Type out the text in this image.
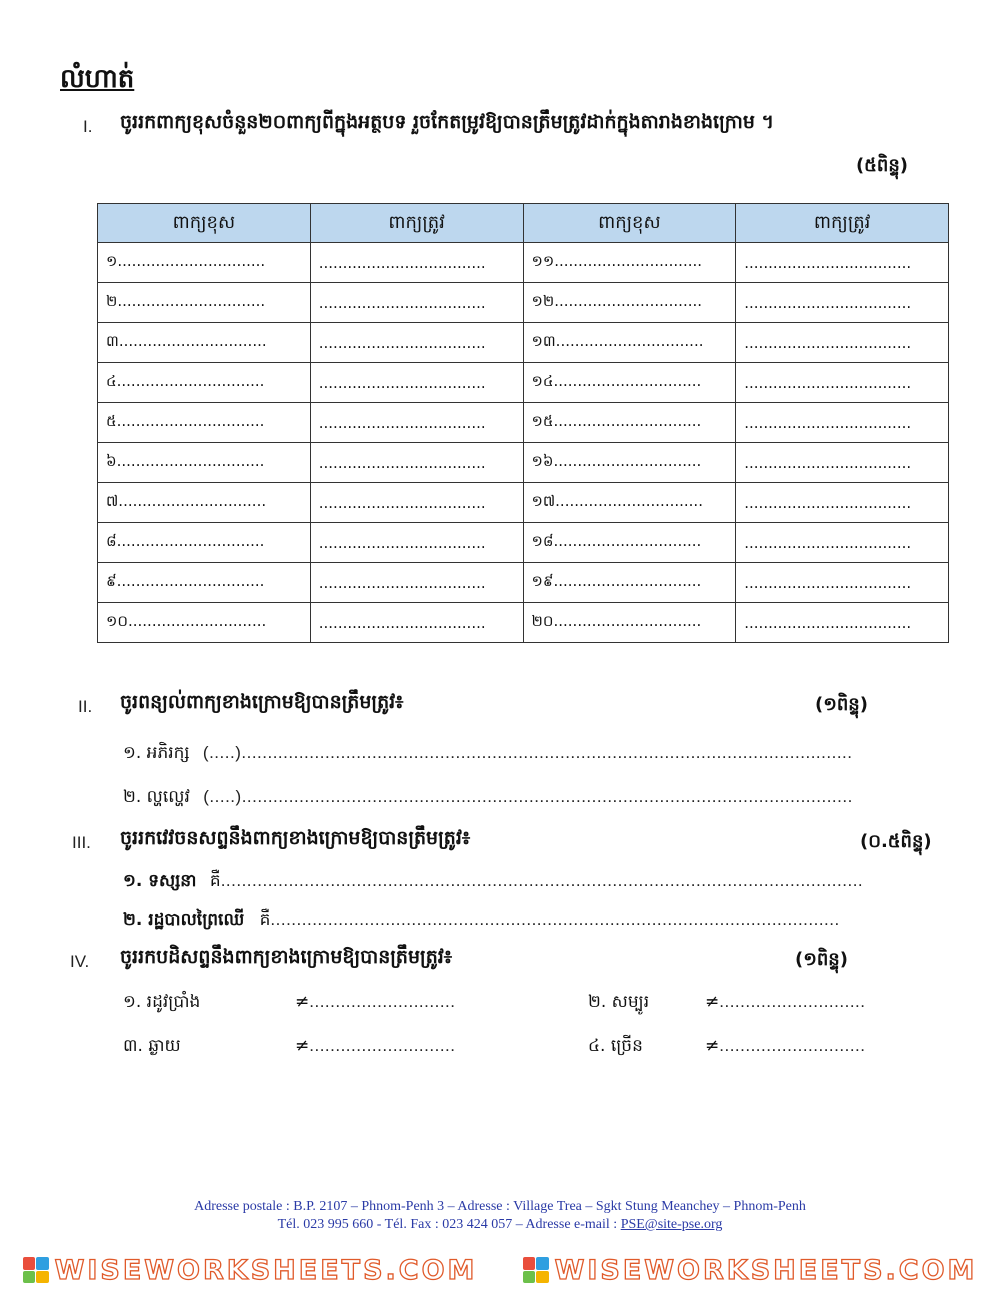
លំហាត់
I. ចូររកពាក្យខុសចំនួន២០ពាក្យពីក្នុងអត្ថបទ រួចកែតម្រូវឱ្យបានត្រឹមត្រូវដាក់ក្នុងតារាងខាងក្រោម ។
(៥ពិន្ទុ)
ពាក្យខុស	ពាក្យត្រូវ	ពាក្យខុស	ពាក្យត្រូវ
១...............................	...................................	១១...............................	...................................
២...............................	...................................	១២...............................	...................................
៣...............................	...................................	១៣...............................	...................................
៤...............................	...................................	១៤...............................	...................................
៥...............................	...................................	១៥...............................	...................................
៦...............................	...................................	១៦...............................	...................................
៧...............................	...................................	១៧...............................	...................................
៨...............................	...................................	១៨...............................	...................................
៩...............................	...................................	១៩...............................	...................................
១០.............................	...................................	២០...............................	...................................
II. ចូរពន្យល់ពាក្យខាងក្រោមឱ្យបានត្រឹមត្រូវ៖	(១ពិន្ទុ)
១. អភិរក្ស (.....).....................................................................................................................
២. ល្ហល្ហេវ (.....).....................................................................................................................
III. ចូររកវេវចនសព្ទនឹងពាក្យខាងក្រោមឱ្យបានត្រឹមត្រូវ៖	(០.៥ពិន្ទុ)
១. ទស្សនា គឺ...........................................................................................................................
២. រដ្ឋបាលព្រៃឈើ គឺ.............................................................................................................
IV. ចូររកបដិសព្ទនឹងពាក្យខាងក្រោមឱ្យបានត្រឹមត្រូវ៖	(១ពិន្ទុ)
១. រដូវប្រាំង	≠............................	២. សម្បូរ	≠............................
៣. ឆ្ងាយ	≠............................	៤. ច្រើន	≠............................
Adresse postale : B.P. 2107 – Phnom-Penh 3 – Adresse : Village Trea – Sgkt Stung Meanchey – Phnom-Penh
Tél. 023 995 660 - Tél. Fax : 023 424 057 – Adresse e-mail : PSE@site-pse.org
WISEWORKSHEETS.COM	WISEWORKSHEETS.COM
